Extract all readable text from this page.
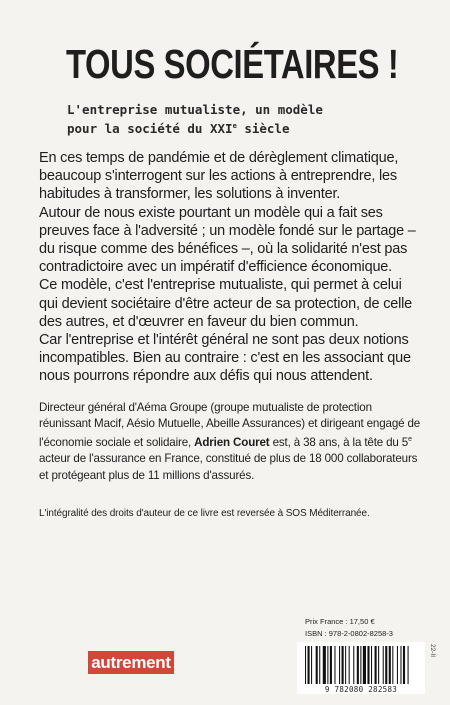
TOUS SOCIÉTAIRES !
L'entreprise mutualiste, un modèle
pour la société du XXIe siècle

En ces temps de pandémie et de dérèglement climatique, beaucoup s'interrogent sur les actions à entreprendre, les habitudes à transformer, les solutions à inventer.

Autour de nous existe pourtant un modèle qui a fait ses preuves face à l'adversité ; un modèle fondé sur le partage – du risque comme des bénéfices –, où la solidarité n'est pas contradictoire avec un impératif d'efficience économique.

Ce modèle, c'est l'entreprise mutualiste, qui permet à celui qui devient sociétaire d'être acteur de sa protection, de celle des autres, et d'œuvrer en faveur du bien commun.

Car l'entreprise et l'intérêt général ne sont pas deux notions incompatibles. Bien au contraire : c'est en les associant que nous pourrons répondre aux défis qui nous attendent.

Directeur général d'Aéma Groupe (groupe mutualiste de protection réunissant Macif, Aésio Mutuelle, Abeille Assurances) et dirigeant engagé de l'économie sociale et solidaire, Adrien Couret est, à 38 ans, à la tête du 5e acteur de l'assurance en France, constitué de plus de 18 000 collaborateurs et protégeant plus de 11 millions d'assurés.
L'intégralité des droits d'auteur de ce livre est reversée à SOS Méditerranée.
Prix France : 17,50 €
ISBN : 978-2-0802-8258-3
9 782080 282583
autrement
22-II
